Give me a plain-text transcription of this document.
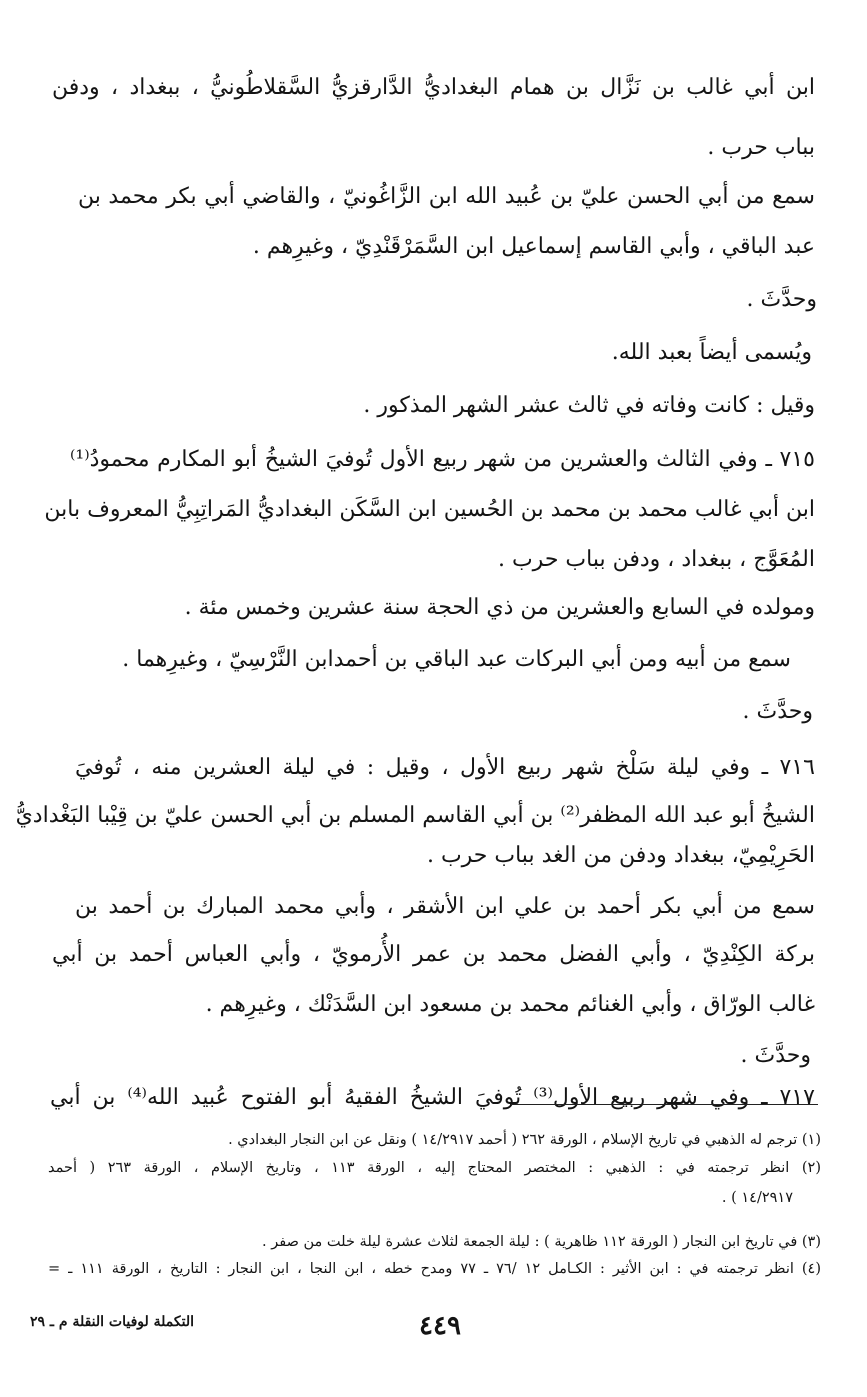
ابن أبي غالب بن نَزَّال بن همام البغداديُّ الدَّارقزيُّ السَّقلاطُونيُّ ، ببغداد ، ودفن
بباب حرب .
سمع من أبي الحسن عليّ بن عُبيد الله ابن الزَّاغُونيّ ، والقاضي أبي بكر محمد بن
عبد الباقي ، وأبي القاسم إسماعيل ابن السَّمَرْقَنْدِيّ ، وغيرِهم .
وحدَّثَ .
ويُسمى أيضاً بعبد الله.
وقيل : كانت وفاته في ثالث عشر الشهر المذكور .
٧١٥ ـ وفي الثالث والعشرين من شهر ربيع الأول تُوفيَ الشيخُ أبو المكارم محمودُ⁽¹⁾
ابن أبي غالب محمد بن محمد بن الحُسين ابن السَّكَن البغداديُّ المَراتِبِيُّ المعروف بابن
المُعَوَّج ، ببغداد ، ودفن بباب حرب .
ومولده في السابع والعشرين من ذي الحجة سنة عشرين وخمس مئة .
سمع من أبيه ومن أبي البركات عبد الباقي بن أحمدابن النَّرْسِيّ ، وغيرِهما .
وحدَّثَ .
٧١٦ ـ وفي ليلة سَلْخ شهر ربيع الأول ، وقيل : في ليلة العشرين منه ، تُوفيَ
الشيخُ أبو عبد الله المظفر⁽²⁾ بن أبي القاسم المسلم بن أبي الحسن عليّ بن قِيْبا البَغْداديُّ
الحَرِيْمِيّ، ببغداد ودفن من الغد بباب حرب .
سمع من أبي بكر أحمد بن علي ابن الأشقر ، وأبي محمد المبارك بن أحمد بن
بركة الكِنْدِيّ ، وأبي الفضل محمد بن عمر الأُرمويّ ، وأبي العباس أحمد بن أبي
غالب الورّاق ، وأبي الغنائم محمد بن مسعود ابن السَّدَنْك ، وغيرِهم .
وحدَّثَ .
٧١٧ ـ وفي شهر ربيع الأول⁽³⁾ تُوفيَ الشيخُ الفقيهُ أبو الفتوح عُبيد الله⁽⁴⁾ بن أبي
(١) ترجم له الذهبي في تاريخ الإسلام ، الورقة ٢٦٢ ( أحمد ١٤/٢٩١٧ ) ونقل عن ابن النجار البغدادي .
(٢) انظر ترجمته في : الذهبي : المختصر المحتاج إليه ، الورقة ١١٣ ، وتاريخ الإسلام ، الورقة ٢٦٣ ( أحمد
١٤/٢٩١٧ ) .
(٣) في تاريخ ابن النجار ( الورقة ١١٢ ظاهرية ) : ليلة الجمعة لثلاث عشرة ليلة خلت من صفر .
(٤) انظر ترجمته في : ابن الأثير : الكـامل ١٢ /٧٦ ـ ٧٧ ومدح خطه ، ابن النجا ، ابن النجار : التاريخ ، الورقة ١١١ ـ =
٤٤٩
التكملة لوفيات النقلة م ـ ٢٩
